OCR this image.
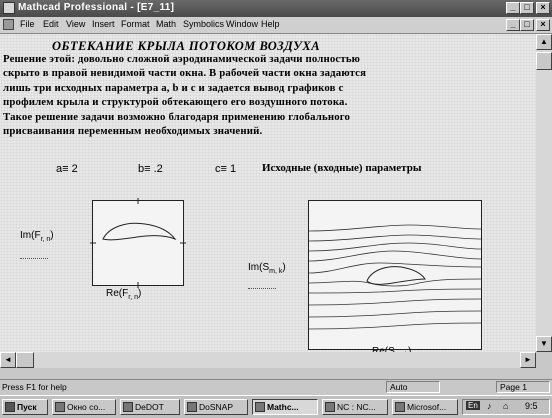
Mathcad Professional - [E7_11]	_ □	×
File Edit View Insert Format Math Symbolics Window Help	_ □	×
ОБТЕКАНИЕ КРЫЛА ПОТОКОМ ВОЗДУХА
Решение этой: довольно сложной аэродинамической задачи полностью
скрыто в правой невидимой части окна. В рабочей части окна задаются
лишь три исходных параметра a, b и c и задается вывод графиков с
профилем крыла и структурой обтекающего его воздушного потока.
Такое решение задачи возможно благодаря применению глобального
присваивания переменным необходимых значений.
a≡ 2	b≡ .2	c≡ 1 Исходные (входные) параметры
$Im(F_{r, n})$
$Re(F_{r, n})$
$Im(S_{m, k})$
▲
▼
◄	►
Press F1 for help	Auto	Page 1
Пуск	Окно со...	DeDOT	DoSNAP	Mathc...	NC : NC...	Microsof...	En ♪ ⌂ 9:5
